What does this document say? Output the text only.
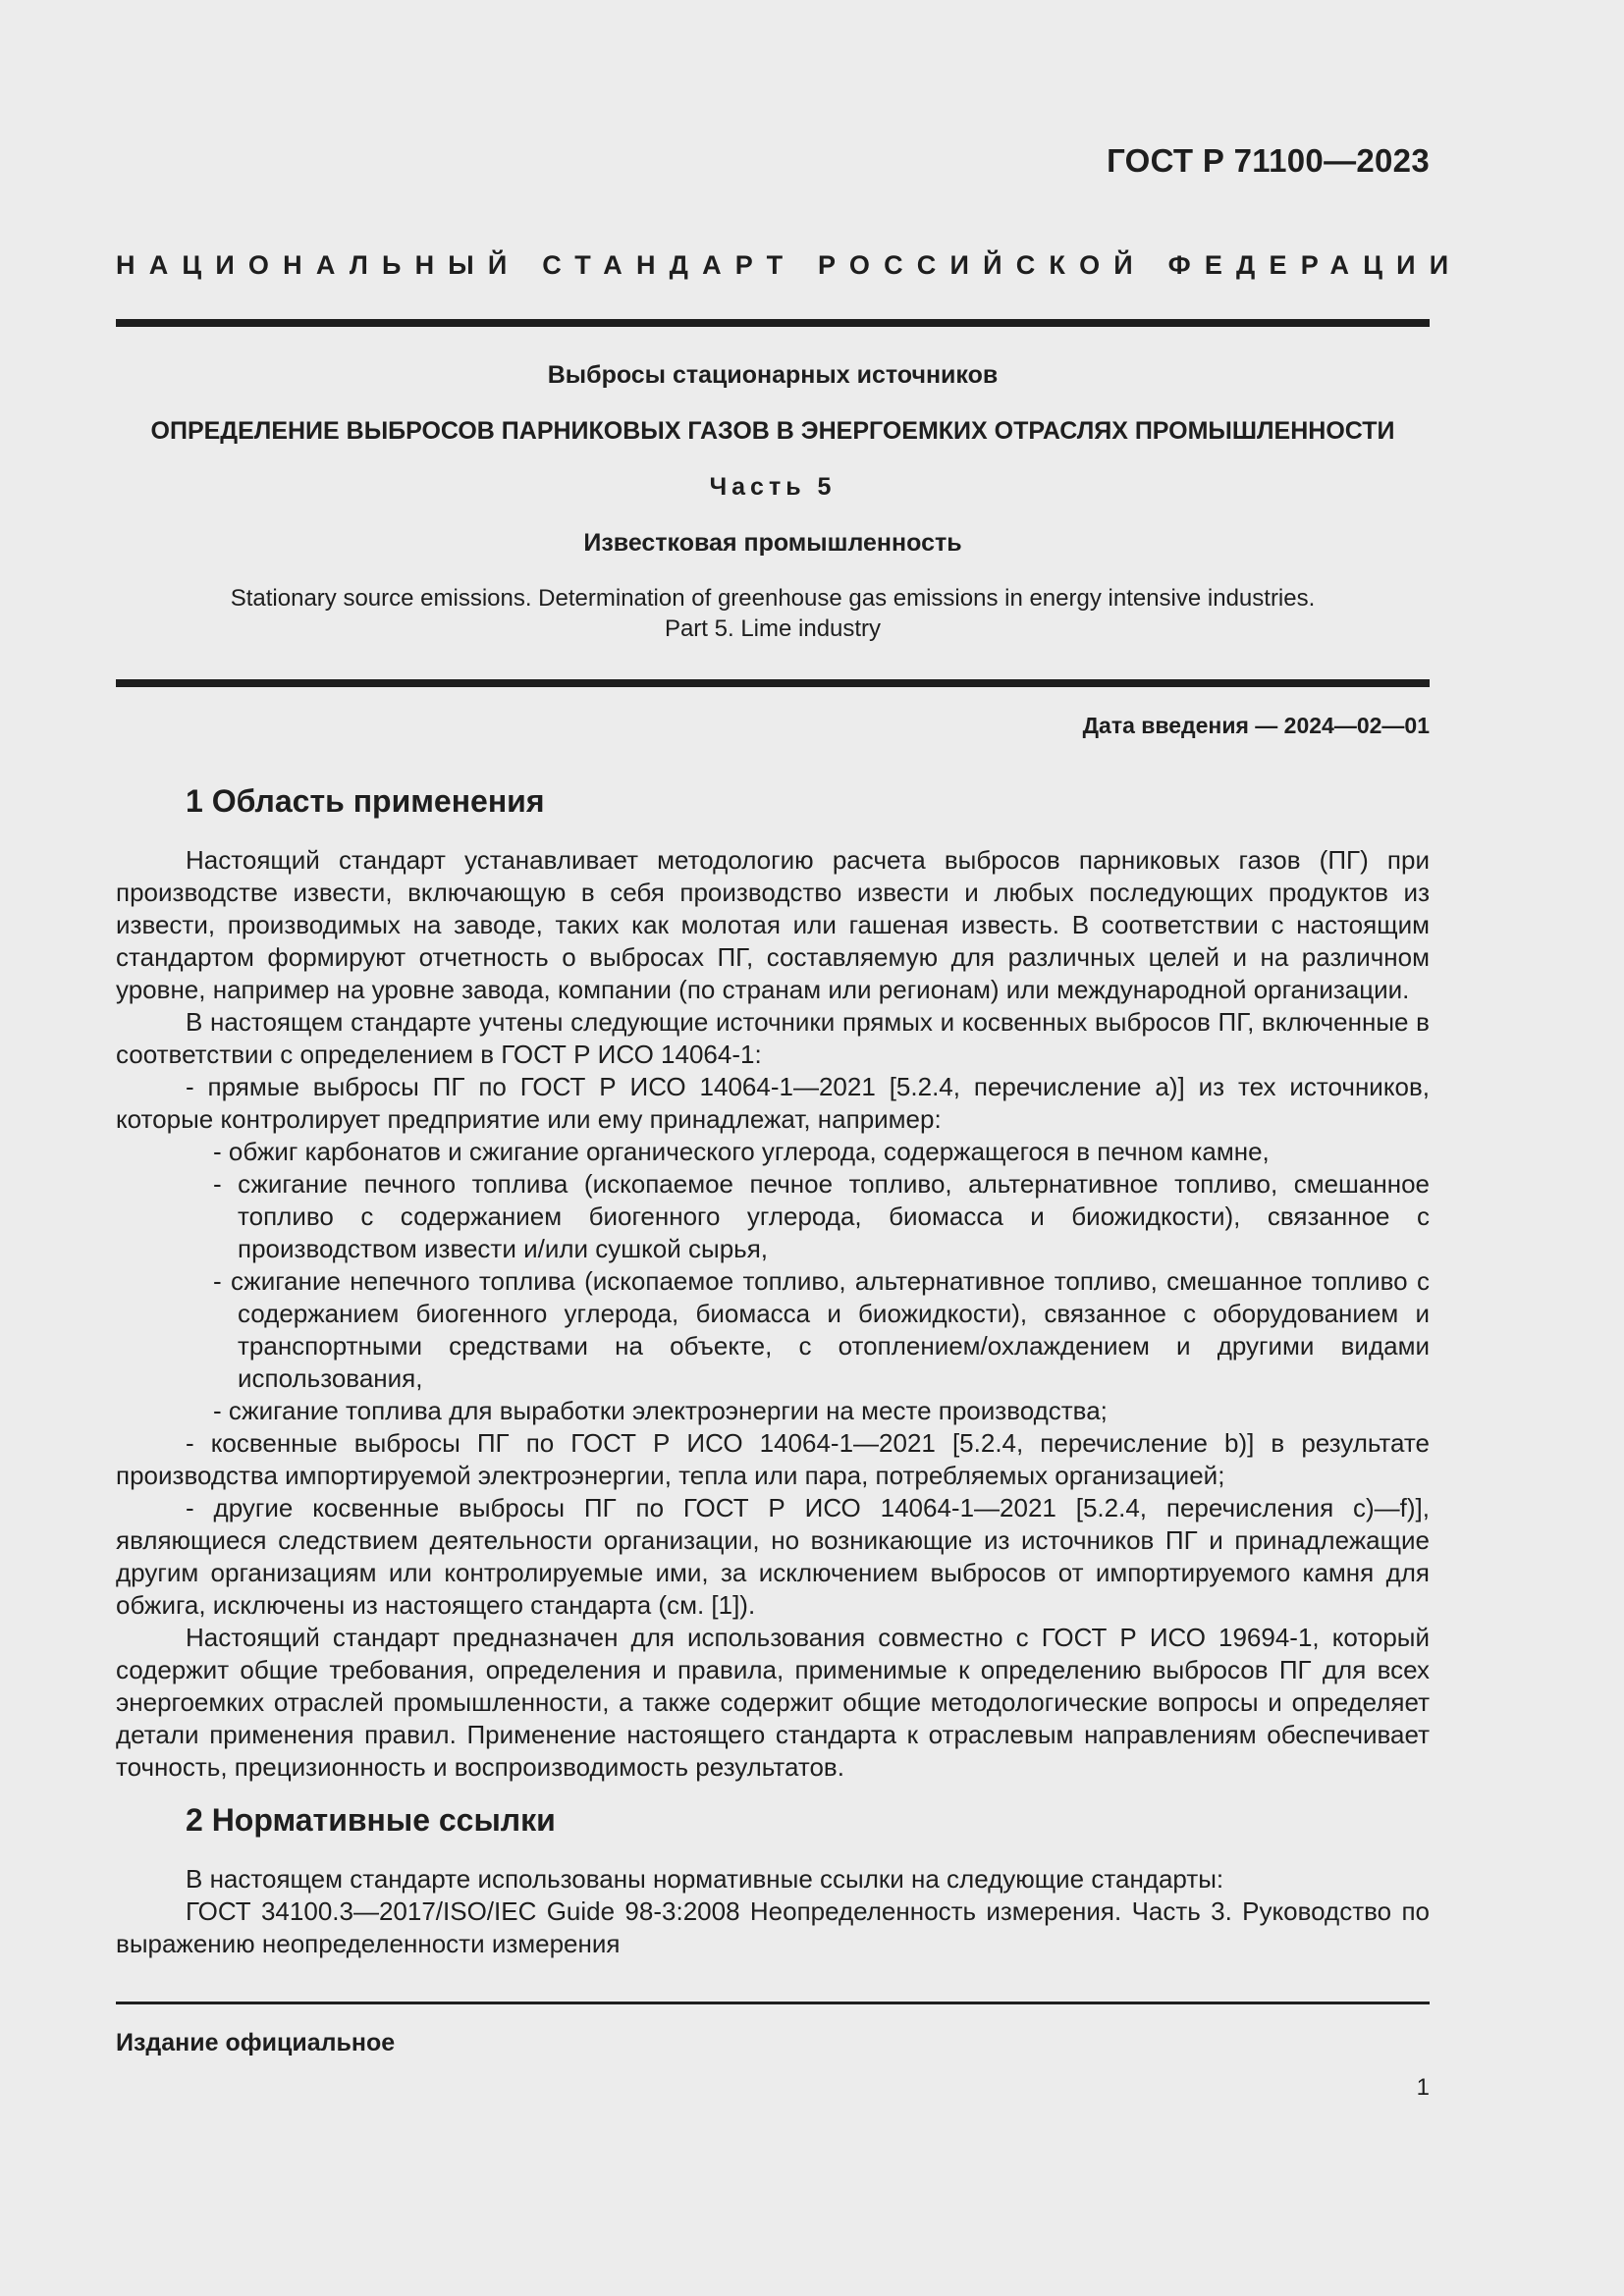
ГОСТ Р 71100—2023
НАЦИОНАЛЬНЫЙ СТАНДАРТ РОССИЙСКОЙ ФЕДЕРАЦИИ
Выбросы стационарных источников
ОПРЕДЕЛЕНИЕ ВЫБРОСОВ ПАРНИКОВЫХ ГАЗОВ В ЭНЕРГОЕМКИХ ОТРАСЛЯХ ПРОМЫШЛЕННОСТИ
Часть 5
Известковая промышленность
Stationary source emissions. Determination of greenhouse gas emissions in energy intensive industries.
Part 5. Lime industry
Дата введения — 2024—02—01
1 Область применения

Настоящий стандарт устанавливает методологию расчета выбросов парниковых газов (ПГ) при производстве извести, включающую в себя производство извести и любых последующих продуктов из извести, производимых на заводе, таких как молотая или гашеная известь. В соответствии с настоящим стандартом формируют отчетность о выбросах ПГ, составляемую для различных целей и на различном уровне, например на уровне завода, компании (по странам или регионам) или международной организации.

В настоящем стандарте учтены следующие источники прямых и косвенных выбросов ПГ, включенные в соответствии с определением в ГОСТ Р ИСО 14064-1:

- прямые выбросы ПГ по ГОСТ Р ИСО 14064-1—2021 [5.2.4, перечисление a)] из тех источников, которые контролирует предприятие или ему принадлежат, например:

- обжиг карбонатов и сжигание органического углерода, содержащегося в печном камне,

- сжигание печного топлива (ископаемое печное топливо, альтернативное топливо, смешанное топливо с содержанием биогенного углерода, биомасса и биожидкости), связанное с производством извести и/или сушкой сырья,

- сжигание непечного топлива (ископаемое топливо, альтернативное топливо, смешанное топливо с содержанием биогенного углерода, биомасса и биожидкости), связанное с оборудованием и транспортными средствами на объекте, с отоплением/охлаждением и другими видами использования,

- сжигание топлива для выработки электроэнергии на месте производства;

- косвенные выбросы ПГ по ГОСТ Р ИСО 14064-1—2021 [5.2.4, перечисление b)] в результате производства импортируемой электроэнергии, тепла или пара, потребляемых организацией;

- другие косвенные выбросы ПГ по ГОСТ Р ИСО 14064-1—2021 [5.2.4, перечисления c)—f)], являющиеся следствием деятельности организации, но возникающие из источников ПГ и принадлежащие другим организациям или контролируемые ими, за исключением выбросов от импортируемого камня для обжига, исключены из настоящего стандарта (см. [1]).

Настоящий стандарт предназначен для использования совместно с ГОСТ Р ИСО 19694-1, который содержит общие требования, определения и правила, применимые к определению выбросов ПГ для всех энергоемких отраслей промышленности, а также содержит общие методологические вопросы и определяет детали применения правил. Применение настоящего стандарта к отраслевым направлениям обеспечивает точность, прецизионность и воспроизводимость результатов.

2 Нормативные ссылки

В настоящем стандарте использованы нормативные ссылки на следующие стандарты:

ГОСТ 34100.3—2017/ISO/IEC Guide 98-3:2008 Неопределенность измерения. Часть 3. Руководство по выражению неопределенности измерения

Издание официальное
1
